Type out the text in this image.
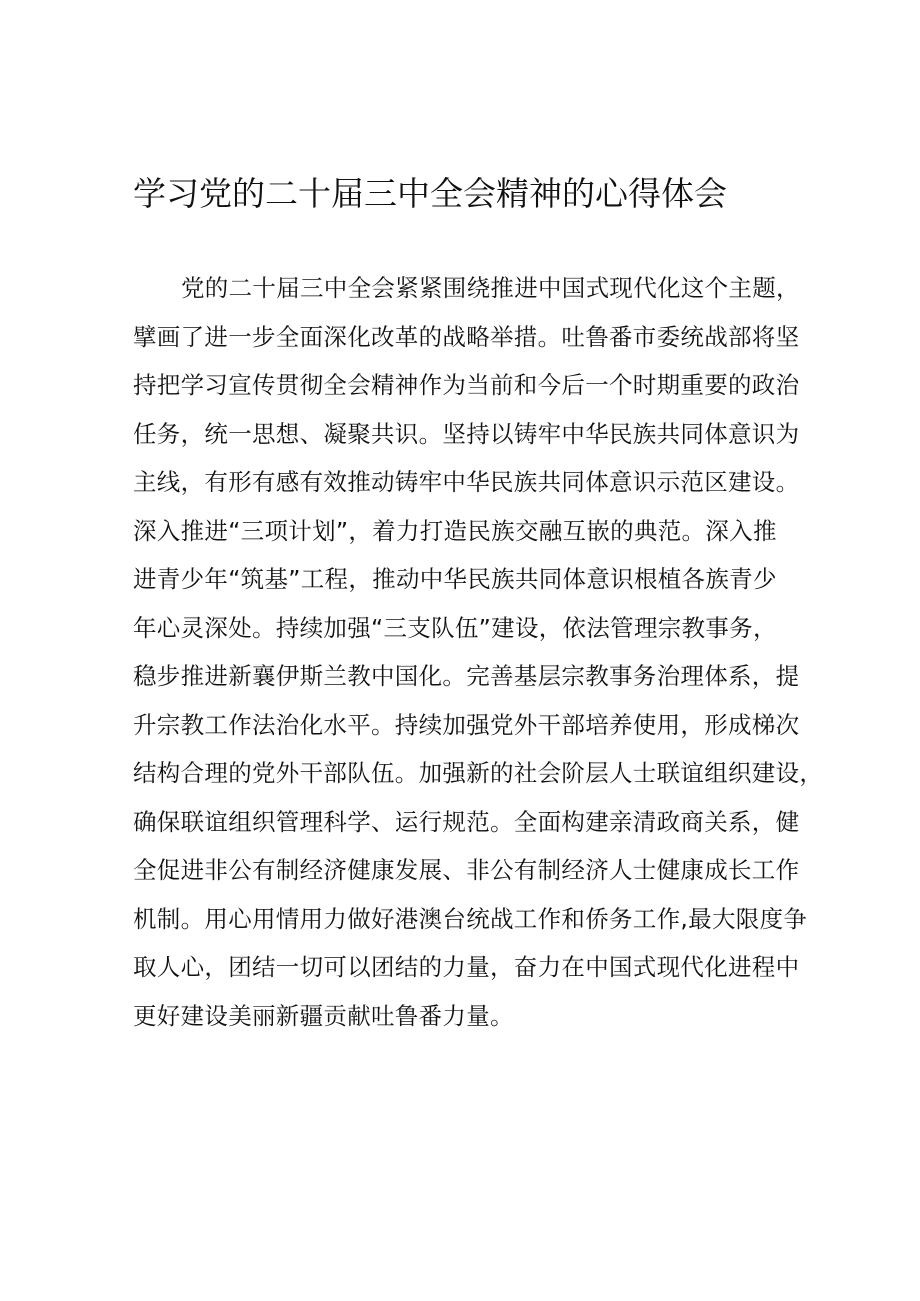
学习党的二十届三中全会精神的心得体会
党的二十届三中全会紧紧围绕推进中国式现代化这个主题，
擘画了进一步全面深化改革的战略举措。吐鲁番市委统战部将坚
持把学习宣传贯彻全会精神作为当前和今后一个时期重要的政治
任务，统一思想、凝聚共识。坚持以铸牢中华民族共同体意识为
主线，有形有感有效推动铸牢中华民族共同体意识示范区建设。
深入推进“三项计划”，着力打造民族交融互嵌的典范。深入推
进青少年“筑基”工程，推动中华民族共同体意识根植各族青少
年心灵深处。持续加强“三支队伍”建设，依法管理宗教事务，
稳步推进新襄伊斯兰教中国化。完善基层宗教事务治理体系，提
升宗教工作法治化水平。持续加强党外干部培养使用，形成梯次
结构合理的党外干部队伍。加强新的社会阶层人士联谊组织建设，
确保联谊组织管理科学、运行规范。全面构建亲清政商关系，健
全促进非公有制经济健康发展、非公有制经济人士健康成长工作
机制。用心用情用力做好港澳台统战工作和侨务工作,最大限度争
取人心，团结一切可以团结的力量，奋力在中国式现代化进程中
更好建设美丽新疆贡献吐鲁番力量。
